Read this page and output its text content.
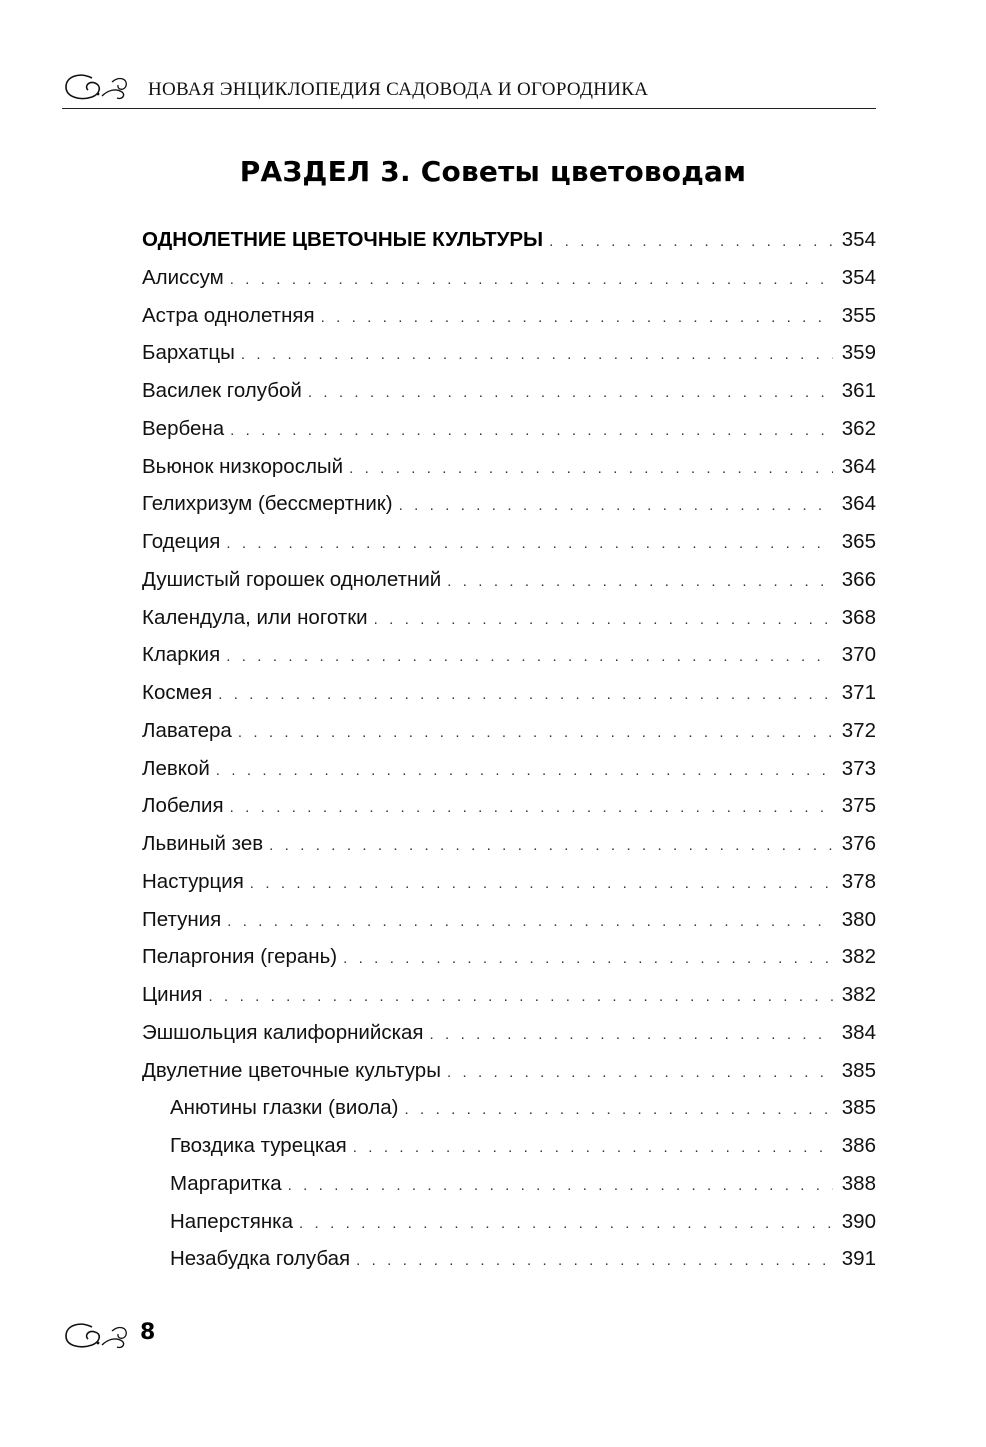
НОВАЯ ЭНЦИКЛОПЕДИЯ САДОВОДА И ОГОРОДНИКА
РАЗДЕЛ 3. Советы цветоводам
ОДНОЛЕТНИЕ ЦВЕТОЧНЫЕ КУЛЬТУРЫ . . .	354
Алиссум . . .	354
Астра однолетняя . . .	355
Бархатцы . . .	359
Василек голубой . . .	361
Вербена . . .	362
Вьюнок низкорослый . . .	364
Гелихризум (бессмертник) . . .	364
Годеция . . .	365
Душистый горошек однолетний . . .	366
Календула, или ноготки . . .	368
Кларкия . . .	370
Космея . . .	371
Лаватера . . .	372
Левкой . . .	373
Лобелия . . .	375
Львиный зев . . .	376
Настурция . . .	378
Петуния . . .	380
Пеларгония (герань) . . .	382
Циния . . .	382
Эшшольция калифорнийская . . .	384
Двулетние цветочные культуры . . .	385
Анютины глазки (виола) . . .	385
Гвоздика турецкая . . .	386
Маргаритка . . .	388
Наперстянка . . .	390
Незабудка голубая . . .	391
8
